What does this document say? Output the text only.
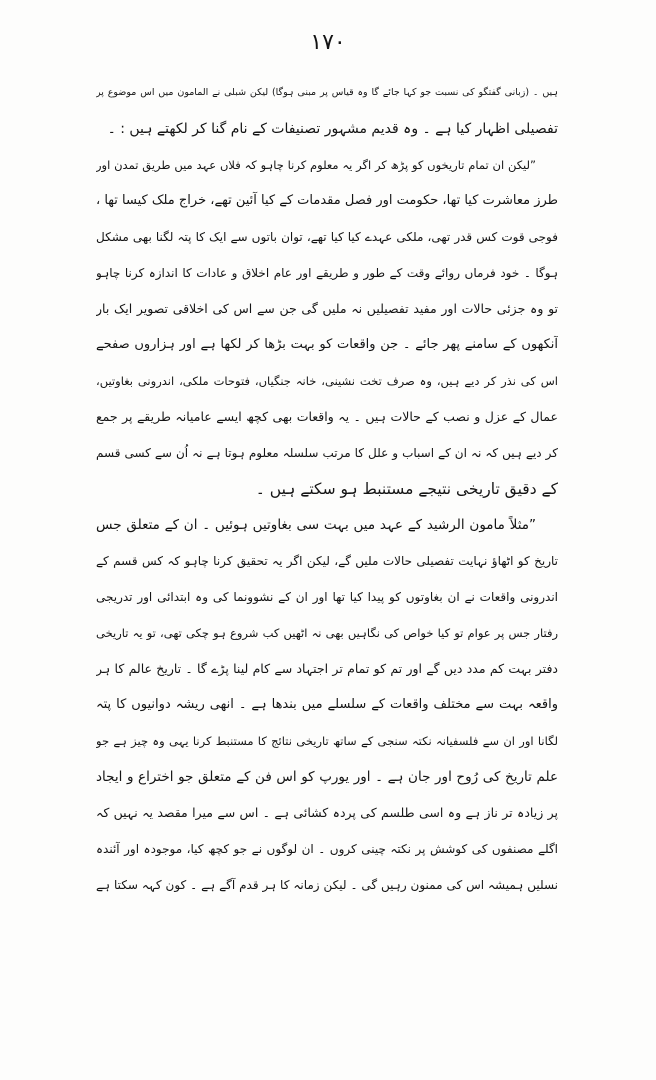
۱۷۰
ہیں ۔ (زبانی گفتگو کی نسبت جو کہا جائے گا وہ قیاس پر مبنی ہوگا) لیکن شبلی نے المامون میں اس موضوع پر
تفصیلی اظہار کیا ہے ۔ وہ قدیم مشہور تصنیفات کے نام گنا کر لکھتے ہیں : ۔
”لیکن ان تمام تاریخوں کو پڑھ کر اگر یہ معلوم کرنا چاہو کہ فلاں عہد میں طریق تمدن اور
طرز معاشرت کیا تھا، حکومت اور فصل مقدمات کے کیا آئین تھے، خراج ملک کیسا تھا ،
فوجی قوت کس قدر تھی، ملکی عہدے کیا کیا تھے، توان باتوں سے ایک کا پتہ لگنا بھی مشکل
ہوگا ۔ خود فرماں روائے وقت کے طور و طریقے اور عام اخلاق و عادات کا اندازہ کرنا چاہو
تو وہ جزئی حالات اور مفید تفصیلیں نہ ملیں گی جن سے اس کی اخلاقی تصویر ایک بار
آنکھوں کے سامنے پھر جائے ۔ جن واقعات کو بہت بڑھا کر لکھا ہے اور ہزاروں صفحے
اس کی نذر کر دیے ہیں، وہ صرف تخت نشینی، خانہ جنگیاں، فتوحات ملکی، اندرونی بغاوتیں،
عمال کے عزل و نصب کے حالات ہیں ۔ یہ واقعات بھی کچھ ایسے عامیانہ طریقے پر جمع
کر دیے ہیں کہ نہ ان کے اسباب و علل کا مرتب سلسلہ معلوم ہوتا ہے نہ اُن سے کسی قسم
کے دقیق تاریخی نتیجے مستنبط ہو سکتے ہیں ۔
”مثلاً مامون الرشید کے عہد میں بہت سی بغاوتیں ہوئیں ۔ ان کے متعلق جس
تاریخ کو اٹھاؤ نہایت تفصیلی حالات ملیں گے، لیکن اگر یہ تحقیق کرنا چاہو کہ کس قسم کے
اندرونی واقعات نے ان بغاوتوں کو پیدا کیا تھا اور ان کے نشوونما کی وہ ابتدائی اور تدریجی
رفتار جس پر عوام تو کیا خواص کی نگاہیں بھی نہ اٹھیں کب شروع ہو چکی تھی، تو یہ تاریخی
دفتر بہت کم مدد دیں گے اور تم کو تمام تر اجتہاد سے کام لینا پڑے گا ۔ تاریخ عالم کا ہر
واقعہ بہت سے مختلف واقعات کے سلسلے میں بندھا ہے ۔ انھی ریشہ دوانیوں کا پتہ
لگانا اور ان سے فلسفیانہ نکتہ سنجی کے ساتھ تاریخی نتائج کا مستنبط کرنا یہی وہ چیز ہے جو
علم تاریخ کی رُوح اور جان ہے ۔ اور یورپ کو اس فن کے متعلق جو اختراع و ایجاد
پر زیادہ تر ناز ہے وہ اسی طلسم کی پردہ کشائی ہے ۔ اس سے میرا مقصد یہ نہیں کہ
اگلے مصنفوں کی کوشش پر نکتہ چینی کروں ۔ ان لوگوں نے جو کچھ کیا، موجودہ اور آئندہ
نسلیں ہمیشہ اس کی ممنون رہیں گی ۔ لیکن زمانہ کا ہر قدم آگے ہے ۔ کون کہہ سکتا ہے
